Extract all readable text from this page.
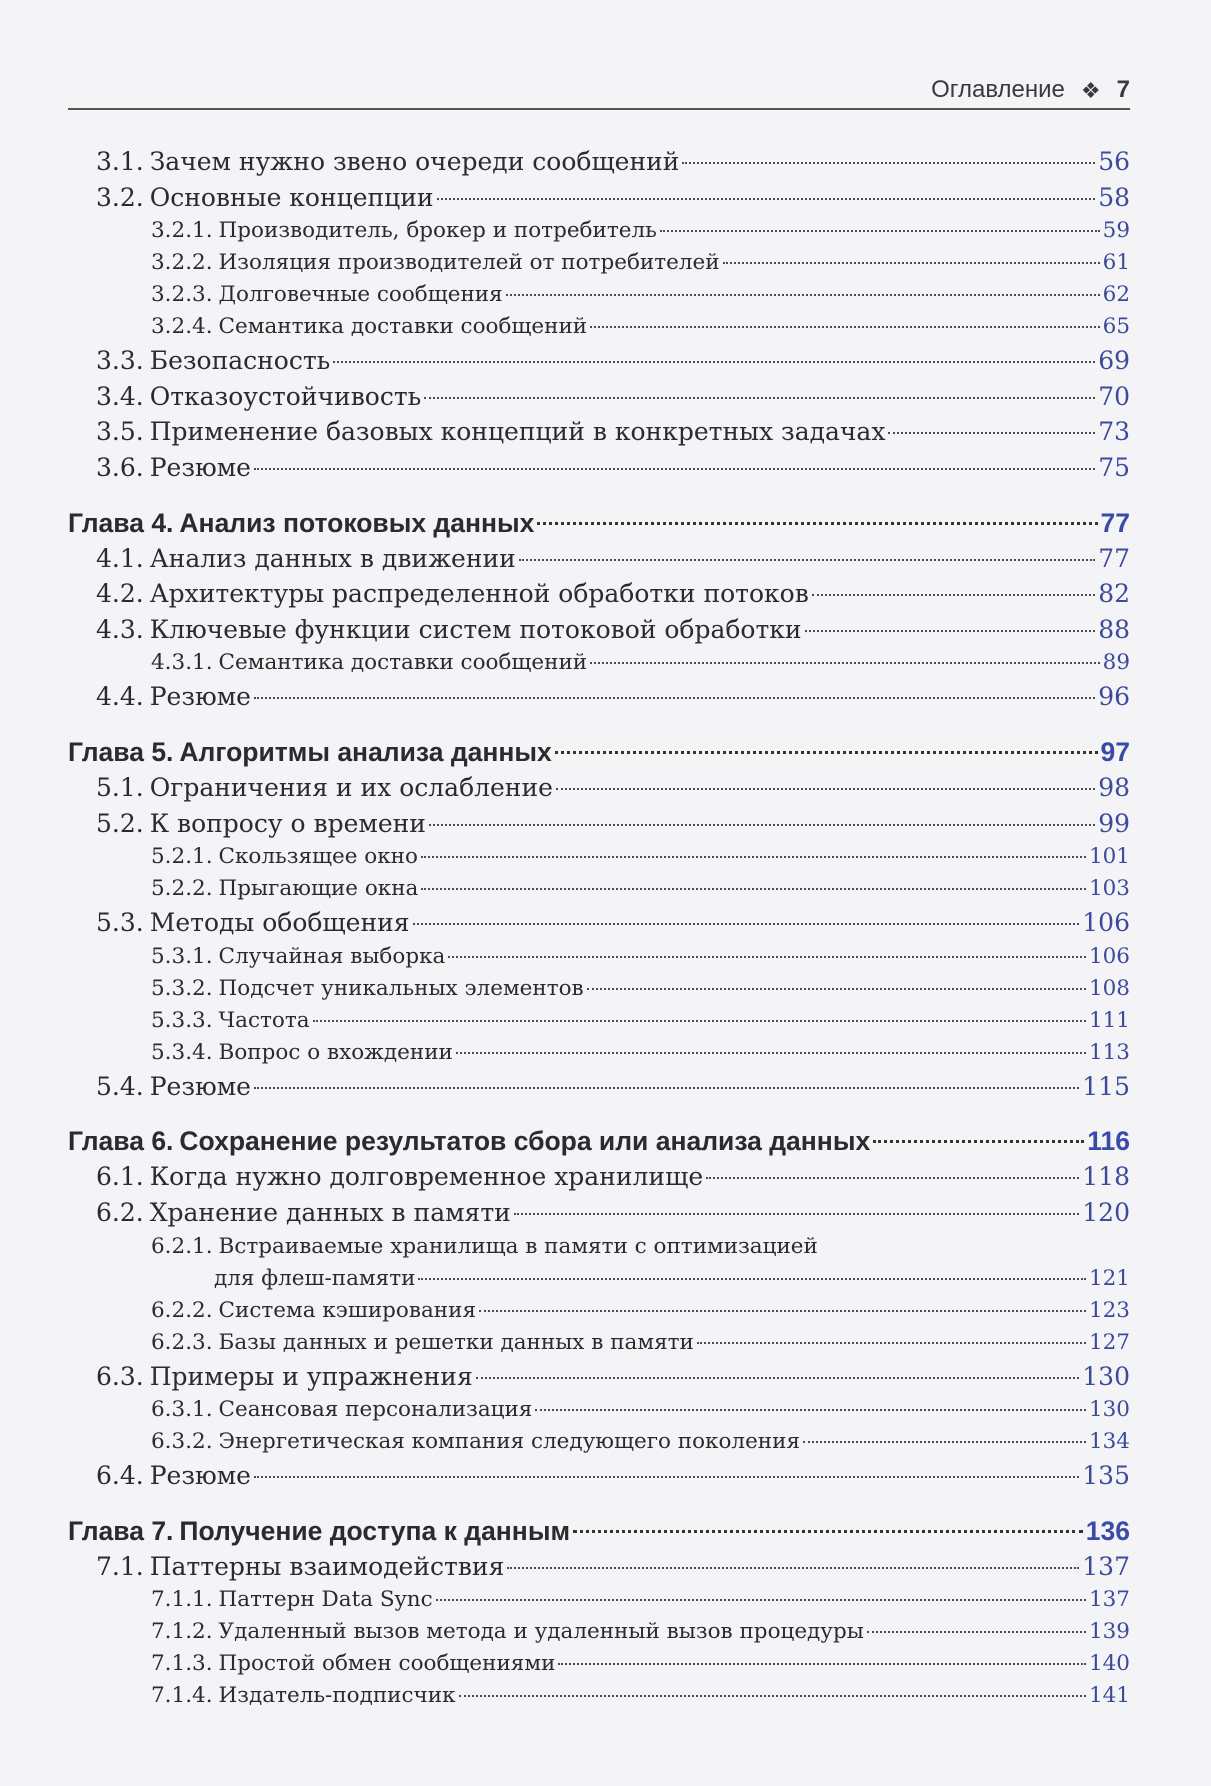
Оглавление ❖ 7
3.1. Зачем нужно звено очереди сообщений	56
3.2. Основные концепции	58
3.2.1. Производитель, брокер и потребитель	59
3.2.2. Изоляция производителей от потребителей	61
3.2.3. Долговечные сообщения	62
3.2.4. Семантика доставки сообщений	65
3.3. Безопасность	69
3.4. Отказоустойчивость	70
3.5. Применение базовых концепций в конкретных задачах	73
3.6. Резюме	75
Глава 4. Анализ потоковых данных	77
4.1. Анализ данных в движении	77
4.2. Архитектуры распределенной обработки потоков	82
4.3. Ключевые функции систем потоковой обработки	88
4.3.1. Семантика доставки сообщений	89
4.4. Резюме	96
Глава 5. Алгоритмы анализа данных	97
5.1. Ограничения и их ослабление	98
5.2. К вопросу о времени	99
5.2.1. Скользящее окно	101
5.2.2. Прыгающие окна	103
5.3. Методы обобщения	106
5.3.1. Случайная выборка	106
5.3.2. Подсчет уникальных элементов	108
5.3.3. Частота	111
5.3.4. Вопрос о вхождении	113
5.4. Резюме	115
Глава 6. Сохранение результатов сбора или анализа данных	116
6.1. Когда нужно долговременное хранилище	118
6.2. Хранение данных в памяти	120
6.2.1. Встраиваемые хранилища в памяти с оптимизацией
для флеш-памяти	121
6.2.2. Система кэширования	123
6.2.3. Базы данных и решетки данных в памяти	127
6.3. Примеры и упражнения	130
6.3.1. Сеансовая персонализация	130
6.3.2. Энергетическая компания следующего поколения	134
6.4. Резюме	135
Глава 7. Получение доступа к данным	136
7.1. Паттерны взаимодействия	137
7.1.1. Паттерн Data Sync	137
7.1.2. Удаленный вызов метода и удаленный вызов процедуры	139
7.1.3. Простой обмен сообщениями	140
7.1.4. Издатель-подписчик	141
